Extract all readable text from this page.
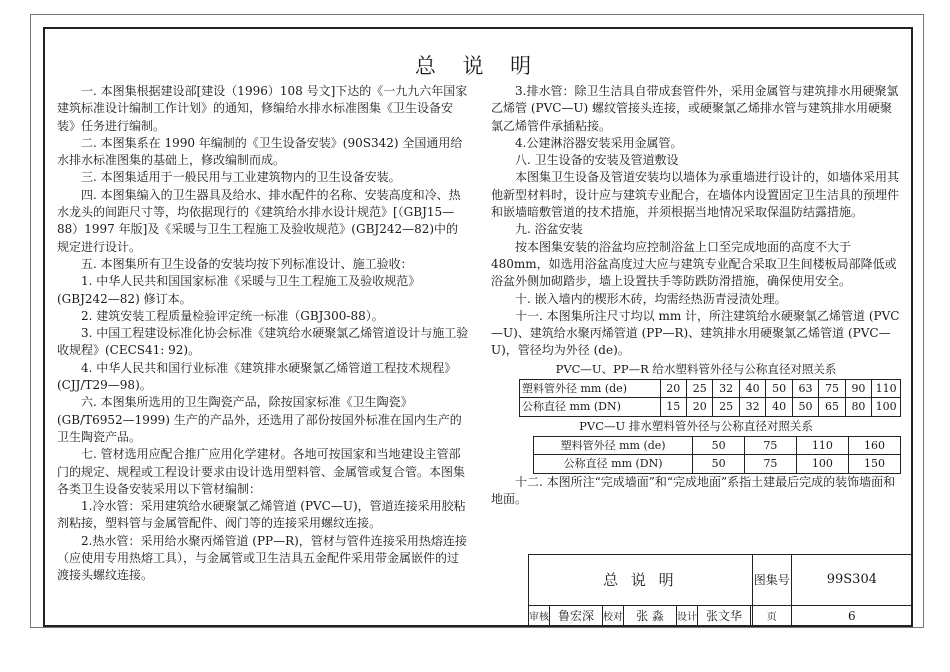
总 说 明

一. 本图集根据建设部[建设（1996）108 号文]下达的《一九九六年国家建筑标准设计编制工作计划》的通知，修编给水排水标准图集《卫生设备安装》任务进行编制。

二. 本图集系在 1990 年编制的《卫生设备安装》(90S342) 全国通用给水排水标准图集的基础上，修改编制而成。

三. 本图集适用于一般民用与工业建筑物内的卫生设备安装。

四. 本图集编入的卫生器具及给水、排水配件的名称、安装高度和冷、热水龙头的间距尺寸等，均依据现行的《建筑给水排水设计规范》[（GBJ15—88）1997 年版]及《采暖与卫生工程施工及验收规范》(GBJ242—82)中的规定进行设计。

五. 本图集所有卫生设备的安装均按下列标准设计、施工验收：

1. 中华人民共和国国家标准《采暖与卫生工程施工及验收规范》(GBJ242—82) 修订本。

2. 建筑安装工程质量检验评定统一标准（GBJ300-88）。

3. 中国工程建设标准化协会标准《建筑给水硬聚氯乙烯管道设计与施工验收规程》(CECS41: 92)。

4. 中华人民共和国行业标准《建筑排水硬聚氯乙烯管道工程技术规程》(CJJ/T29—98)。

六. 本图集所选用的卫生陶瓷产品，除按国家标准《卫生陶瓷》(GB/T6952—1999) 生产的产品外，还选用了部份按国外标准在国内生产的卫生陶瓷产品。

七. 管材选用应配合推广应用化学建材。各地可按国家和当地建设主管部门的规定、规程或工程设计要求由设计选用塑料管、金属管或复合管。本图集各类卫生设备安装采用以下管材编制：

1.冷水管：采用建筑给水硬聚氯乙烯管道 (PVC—U)，管道连接采用胶粘剂粘接，塑料管与金属管配件、阀门等的连接采用螺纹连接。

2.热水管：采用给水聚丙烯管道 (PP—R)，管材与管件连接采用热熔连接（应使用专用热熔工具），与金属管或卫生洁具五金配件采用带金属嵌件的过渡接头螺纹连接。

3.排水管：除卫生洁具自带成套管件外，采用金属管与建筑排水用硬聚氯乙烯管 (PVC—U) 螺纹管接头连接，或硬聚氯乙烯排水管与建筑排水用硬聚氯乙烯管件承插粘接。

4.公建淋浴器安装采用金属管。

八. 卫生设备的安装及管道敷设

本图集卫生设备及管道安装均以墙体为承重墙进行设计的，如墙体采用其他新型材料时，设计应与建筑专业配合，在墙体内设置固定卫生洁具的预埋件和嵌墙暗敷管道的技术措施，并须根据当地情况采取保温防结露措施。

九. 浴盆安装

按本图集安装的浴盆均应控制浴盆上口至完成地面的高度不大于480mm，如选用浴盆高度过大应与建筑专业配合采取卫生间楼板局部降低或浴盆外侧加砌踏步，墙上设置扶手等防跌防滑措施，确保使用安全。

十. 嵌入墙内的楔形木砖，均需经热沥青浸渍处理。

十一. 本图集所注尺寸均以 mm 计，所注建筑给水硬聚氯乙烯管道 (PVC—U)、建筑给水聚丙烯管道 (PP—R)、建筑排水用硬聚氯乙烯管道 (PVC—U)，管径均为外径 (de)。

PVC—U、PP—R 给水塑料管外径与公称直径对照关系
塑料管外径 mm (de)	20	25	32	40	50	63	75	90	110
公称直径 mm (DN)	15	20	25	32	40	50	65	80	100
PVC—U 排水塑料管外径与公称直径对照关系
塑料管外径 mm (de)	50	75	110	160
公称直径 mm (DN)	50	75	100	150

十二. 本图所注“完成墙面”和“完成地面”系指土建最后完成的装饰墙面和地面。

总 说 明							图集号	99S304
审核	鲁宏深	校对	张 淼	设计	张文华		页	6
